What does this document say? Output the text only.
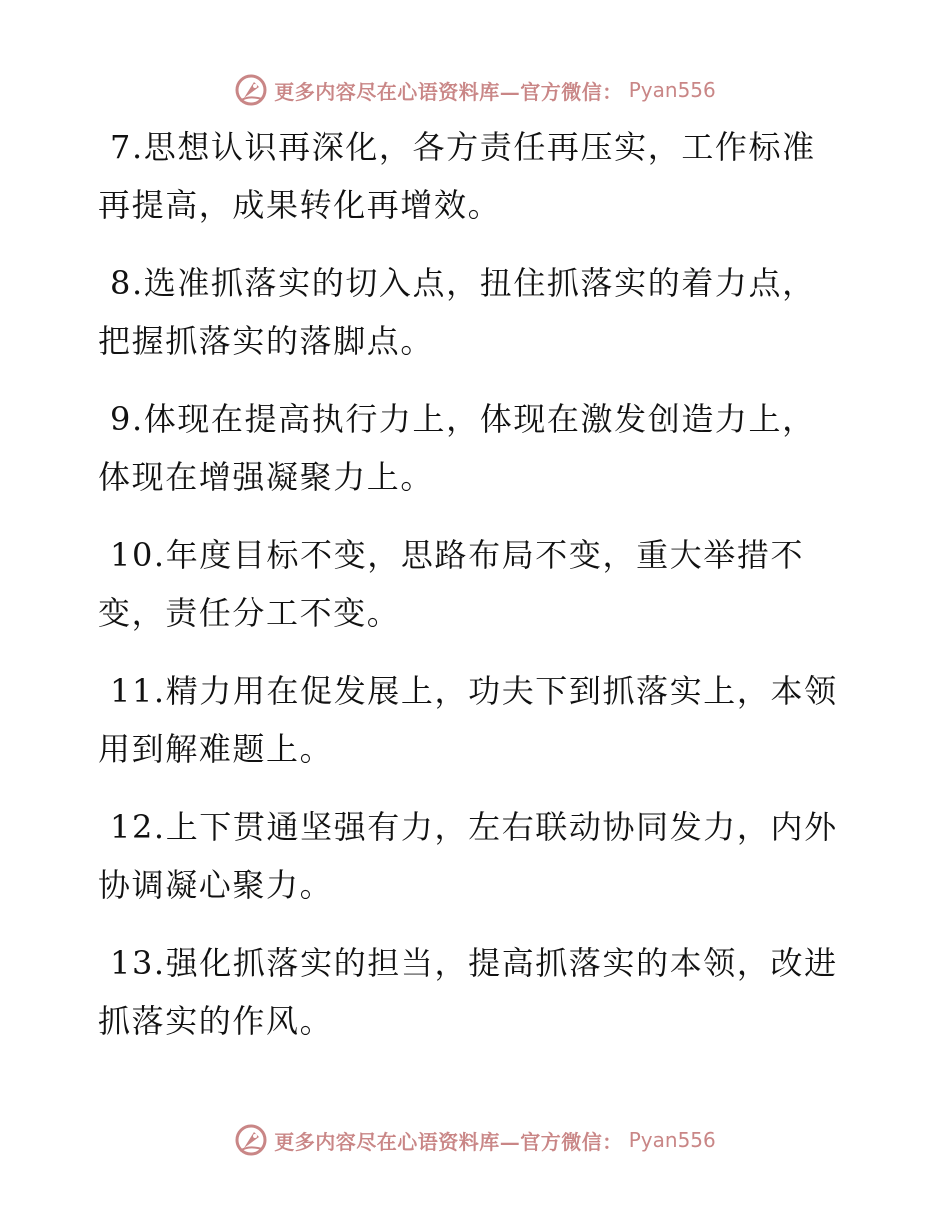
更多内容尽在心语资料库—官方微信： Pyan556

7.思想认识再深化，各方责任再压实，工作标准再提高，成果转化再增效。

8.选准抓落实的切入点，扭住抓落实的着力点，把握抓落实的落脚点。

9.体现在提高执行力上，体现在激发创造力上，体现在增强凝聚力上。

10.年度目标不变，思路布局不变，重大举措不变，责任分工不变。

11.精力用在促发展上，功夫下到抓落实上，本领用到解难题上。

12.上下贯通坚强有力，左右联动协同发力，内外协调凝心聚力。

13.强化抓落实的担当，提高抓落实的本领，改进抓落实的作风。

更多内容尽在心语资料库—官方微信： Pyan556
